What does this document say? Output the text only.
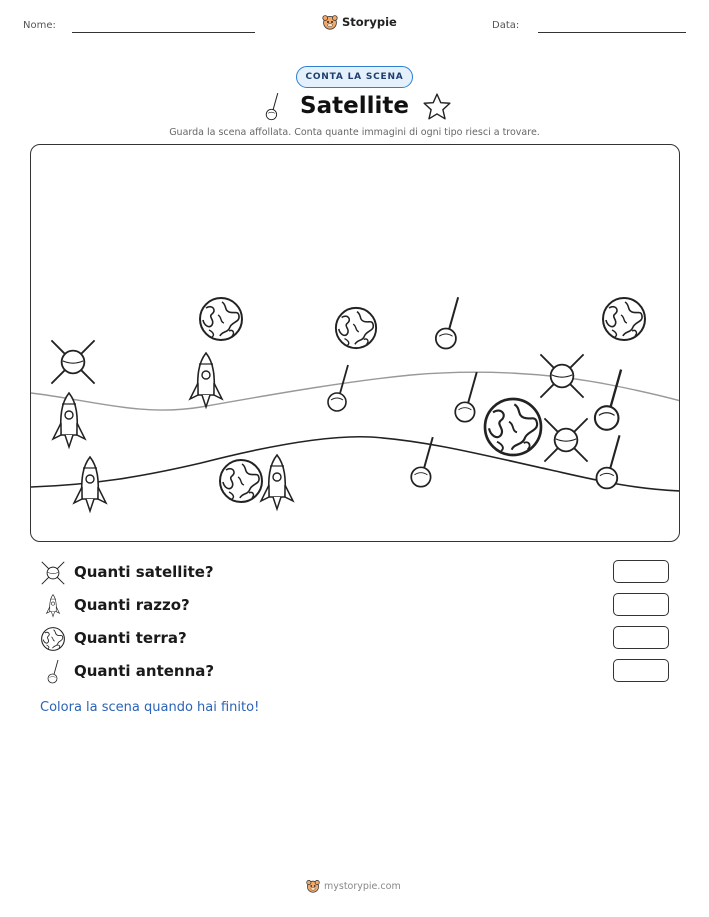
Nome:	Storypie	Data:
CONTA LA SCENA
Satellite
Guarda la scena affollata. Conta quante immagini di ogni tipo riesci a trovare.
Quanti satellite?
Quanti razzo?
Quanti terra?
Quanti antenna?
Colora la scena quando hai finito!
mystorypie.com
